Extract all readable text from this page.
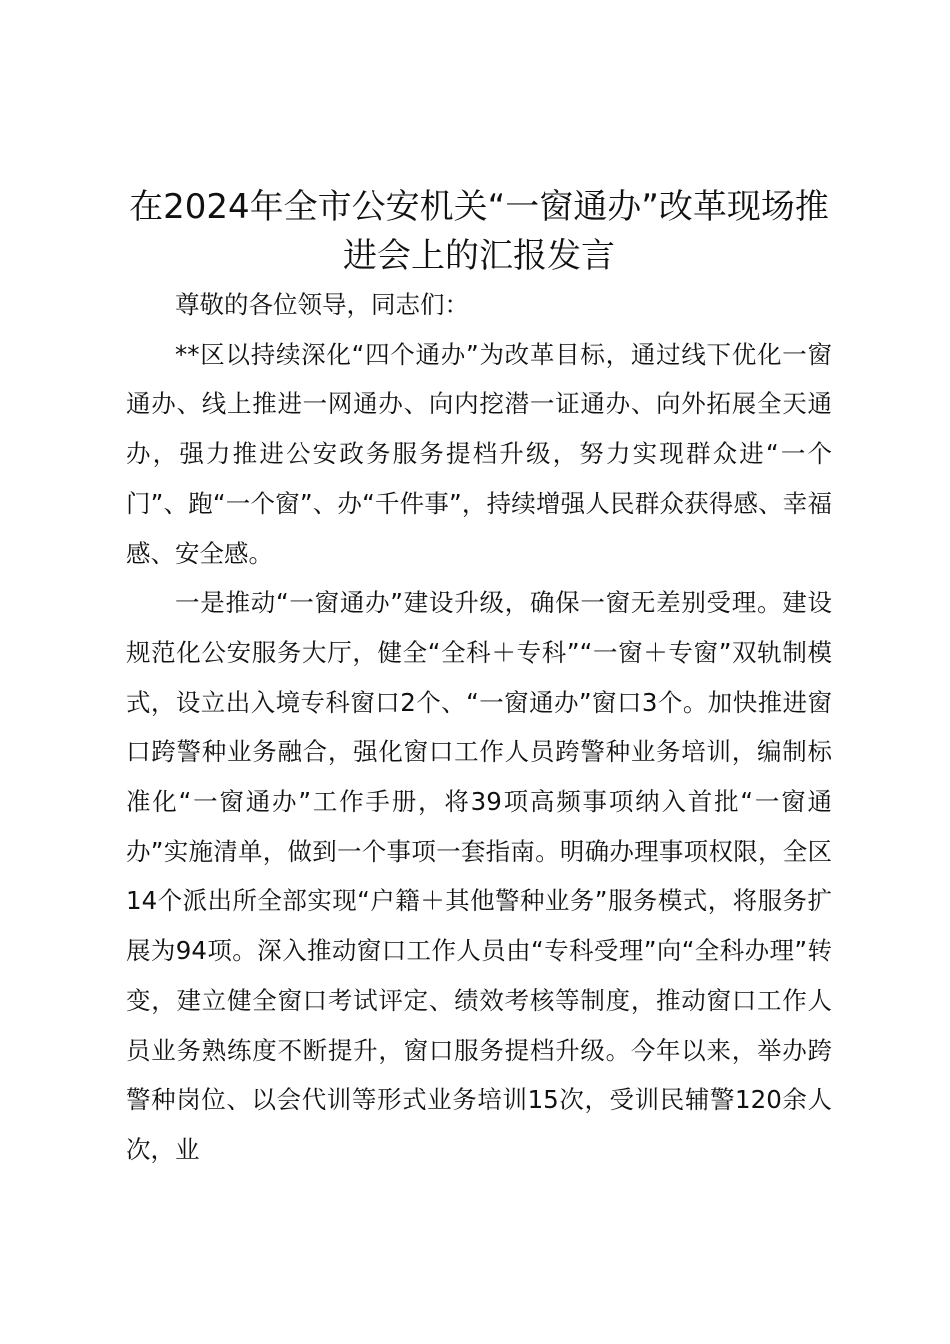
在2024年全市公安机关“一窗通办”改革现场推进会上的汇报发言

尊敬的各位领导，同志们：

**区以持续深化“四个通办”为改革目标，通过线下优化一窗通办、线上推进一网通办、向内挖潜一证通办、向外拓展全天通办，强力推进公安政务服务提档升级，努力实现群众进“一个门”、跑“一个窗”、办“千件事”，持续增强人民群众获得感、幸福感、安全感。

一是推动“一窗通办”建设升级，确保一窗无差别受理。建设规范化公安服务大厅，健全“全科＋专科”“一窗＋专窗”双轨制模式，设立出入境专科窗口2个、“一窗通办”窗口3个。加快推进窗口跨警种业务融合，强化窗口工作人员跨警种业务培训，编制标准化“一窗通办”工作手册，将39项高频事项纳入首批“一窗通办”实施清单，做到一个事项一套指南。明确办理事项权限，全区14个派出所全部实现“户籍＋其他警种业务”服务模式，将服务扩展为94项。深入推动窗口工作人员由“专科受理”向“全科办理”转变，建立健全窗口考试评定、绩效考核等制度，推动窗口工作人员业务熟练度不断提升，窗口服务提档升级。今年以来，举办跨警种岗位、以会代训等形式业务培训15次，受训民辅警120余人次，业
